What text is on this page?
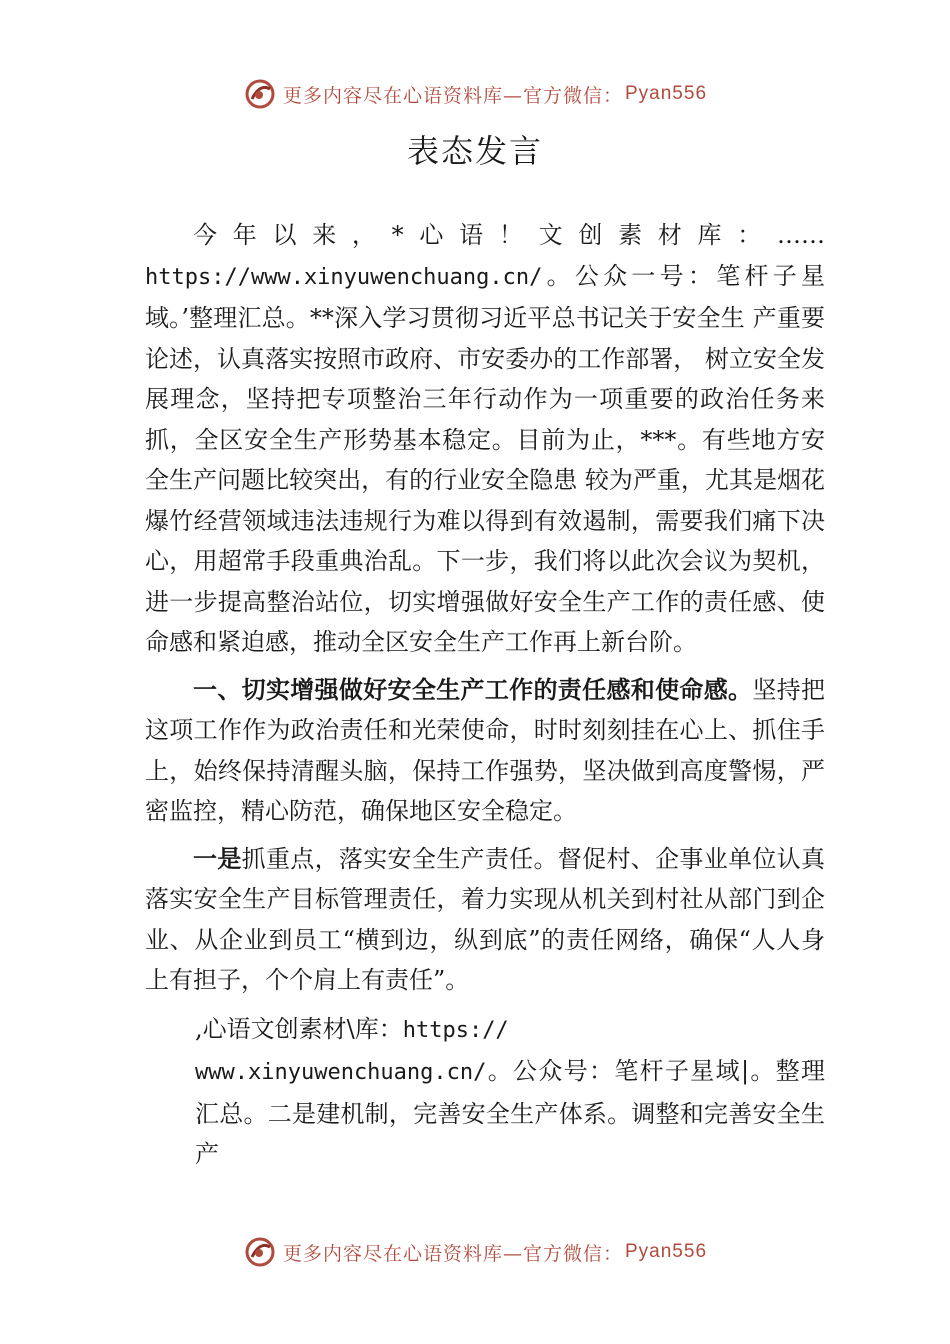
更多内容尽在心语资料库—官方微信： Pyan556
表态发言

今年以来，*心语！文创素材库：……https://www.xinyuwenchuang.cn/。公众一号：笔杆子星域。’整理汇总。**深入学习贯彻习近平总书记关于安全生 产重要论述，认真落实按照市政府、市安委办的工作部署， 树立安全发展理念，坚持把专项整治三年行动作为一项重要的政治任务来抓，全区安全生产形势基本稳定。目前为止，***。有些地方安全生产问题比较突出，有的行业安全隐患 较为严重，尤其是烟花爆竹经营领域违法违规行为难以得到有效遏制，需要我们痛下决心，用超常手段重典治乱。下一步，我们将以此次会议为契机，进一步提高整治站位，切实增强做好安全生产工作的责任感、使命感和紧迫感，推动全区安全生产工作再上新台阶。

一、切实增强做好安全生产工作的责任感和使命感。坚持把这项工作作为政治责任和光荣使命，时时刻刻挂在心上、抓住手上，始终保持清醒头脑，保持工作强势，坚决做到高度警惕，严密监控，精心防范，确保地区安全稳定。

一是抓重点，落实安全生产责任。督促村、企事业单位认真落实安全生产目标管理责任，着力实现从机关到村社从部门到企业、从企业到员工“横到边，纵到底”的责任网络，确保“人人身上有担子，个个肩上有责任”。

,心语文创素材\库：https://
www.xinyuwenchuang.cn/。公众号：笔杆子星域|。整理汇总。二是建机制，完善安全生产体系。调整和完善安全生产

更多内容尽在心语资料库—官方微信： Pyan556
